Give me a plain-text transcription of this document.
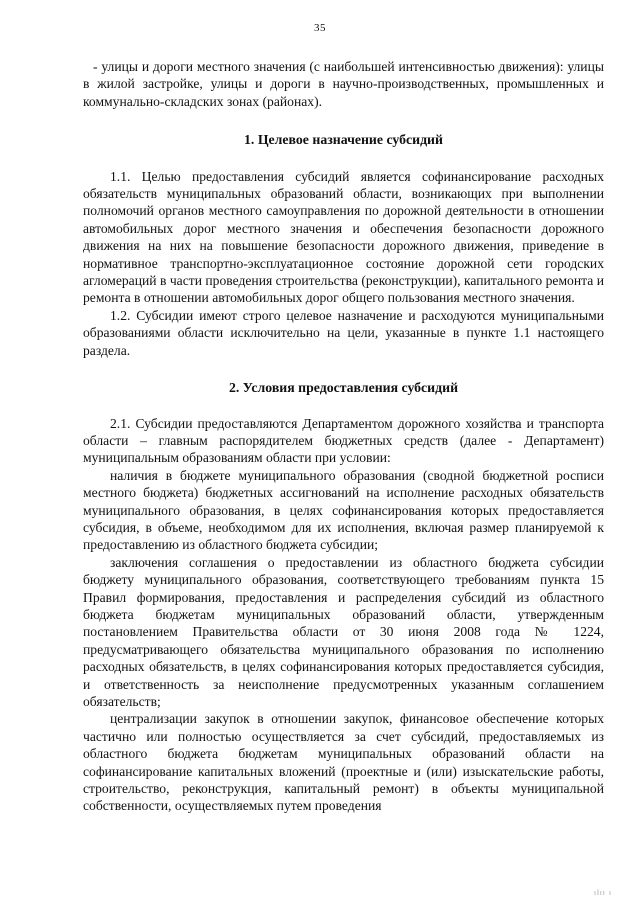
35

- улицы и дороги местного значения (с наибольшей интенсивностью движения): улицы в жилой застройке, улицы и дороги в научно-производственных, промышленных и коммунально-складских зонах (районах).

1. Целевое назначение субсидий

1.1. Целью предоставления субсидий является софинансирование расходных обязательств муниципальных образований области, возникающих при выполнении полномочий органов местного самоуправления по дорожной деятельности в отношении автомобильных дорог местного значения и обеспечения безопасности дорожного движения на них на повышение безопасности дорожного движения, приведение в нормативное транспортно-эксплуатационное состояние дорожной сети городских агломераций в части проведения строительства (реконструкции), капитального ремонта и ремонта в отношении автомобильных дорог общего пользования местного значения.

1.2. Субсидии имеют строго целевое назначение и расходуются муниципальными образованиями области исключительно на цели, указанные в пункте 1.1 настоящего раздела.

2. Условия предоставления субсидий

2.1. Субсидии предоставляются Департаментом дорожного хозяйства и транспорта области – главным распорядителем бюджетных средств (далее - Департамент) муниципальным образованиям области при условии:

наличия в бюджете муниципального образования (сводной бюджетной росписи местного бюджета) бюджетных ассигнований на исполнение расходных обязательств муниципального образования, в целях софинансирования которых предоставляется субсидия, в объеме, необходимом для их исполнения, включая размер планируемой к предоставлению из областного бюджета субсидии;

заключения соглашения о предоставлении из областного бюджета субсидии бюджету муниципального образования, соответствующего требованиям пункта 15 Правил формирования, предоставления и распределения субсидий из областного бюджета бюджетам муниципальных образований области, утвержденным постановлением Правительства области от 30 июня 2008 года № 1224, предусматривающего обязательства муниципального образования по исполнению расходных обязательств, в целях софинансирования которых предоставляется субсидия, и ответственность за неисполнение предусмотренных указанным соглашением обязательств;

централизации закупок в отношении закупок, финансовое обеспечение которых частично или полностью осуществляется за счет субсидий, предоставляемых из областного бюджета бюджетам муниципальных образований области на софинансирование капитальных вложений (проектные и (или) изыскательские работы, строительство, реконструкция, капитальный ремонт) в объекты муниципальной собственности, осуществляемых путем проведения

ılıı ı
